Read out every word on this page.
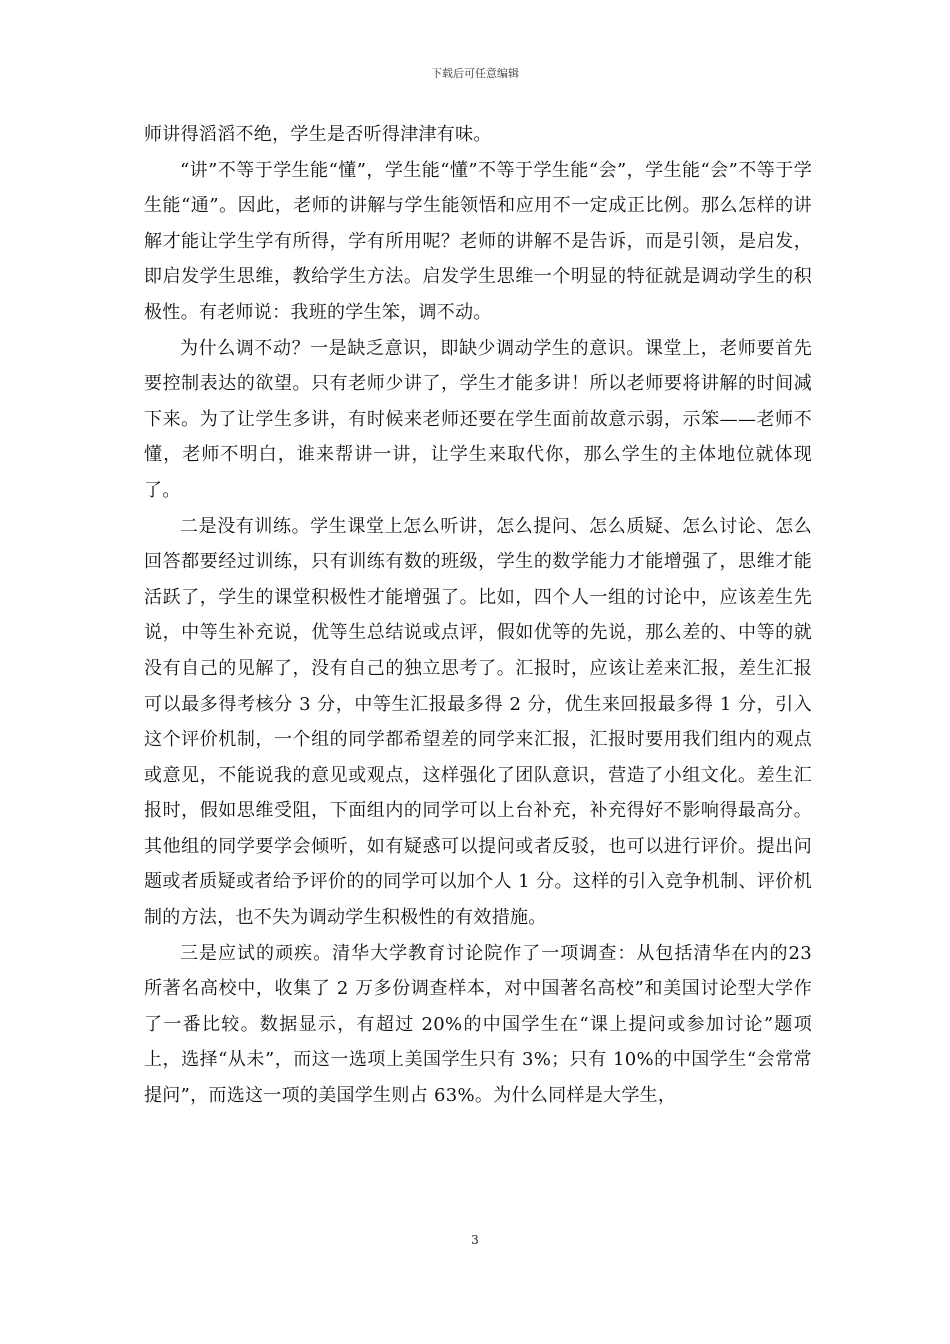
下载后可任意编辑

师讲得滔滔不绝，学生是否听得津津有味。

“讲”不等于学生能“懂”，学生能“懂”不等于学生能“会”，学生能“会”不等于学生能“通”。因此，老师的讲解与学生能领悟和应用不一定成正比例。那么怎样的讲解才能让学生学有所得，学有所用呢？老师的讲解不是告诉，而是引领，是启发，即启发学生思维，教给学生方法。启发学生思维一个明显的特征就是调动学生的积极性。有老师说：我班的学生笨，调不动。

为什么调不动？一是缺乏意识，即缺少调动学生的意识。课堂上，老师要首先要控制表达的欲望。只有老师少讲了，学生才能多讲！所以老师要将讲解的时间减下来。为了让学生多讲，有时候来老师还要在学生面前故意示弱，示笨——老师不懂，老师不明白，谁来帮讲一讲，让学生来取代你，那么学生的主体地位就体现了。

二是没有训练。学生课堂上怎么听讲，怎么提问、怎么质疑、怎么讨论、怎么回答都要经过训练，只有训练有数的班级，学生的数学能力才能增强了，思维才能活跃了，学生的课堂积极性才能增强了。比如，四个人一组的讨论中，应该差生先说，中等生补充说，优等生总结说或点评，假如优等的先说，那么差的、中等的就没有自己的见解了，没有自己的独立思考了。汇报时，应该让差来汇报，差生汇报可以最多得考核分 3 分，中等生汇报最多得 2 分，优生来回报最多得 1 分，引入这个评价机制，一个组的同学都希望差的同学来汇报，汇报时要用我们组内的观点或意见，不能说我的意见或观点，这样强化了团队意识，营造了小组文化。差生汇报时，假如思维受阻，下面组内的同学可以上台补充，补充得好不影响得最高分。其他组的同学要学会倾听，如有疑惑可以提问或者反驳，也可以进行评价。提出问题或者质疑或者给予评价的的同学可以加个人 1 分。这样的引入竞争机制、评价机制的方法，也不失为调动学生积极性的有效措施。

三是应试的顽疾。清华大学教育讨论院作了一项调查：从包括清华在内的23 所著名高校中，收集了 2 万多份调查样本，对中国著名高校”和美国讨论型大学作了一番比较。数据显示，有超过 20%的中国学生在“课上提问或参加讨论”题项上，选择“从未”，而这一选项上美国学生只有 3%；只有 10%的中国学生“会常常提问”，而选这一项的美国学生则占 63%。为什么同样是大学生，

3
